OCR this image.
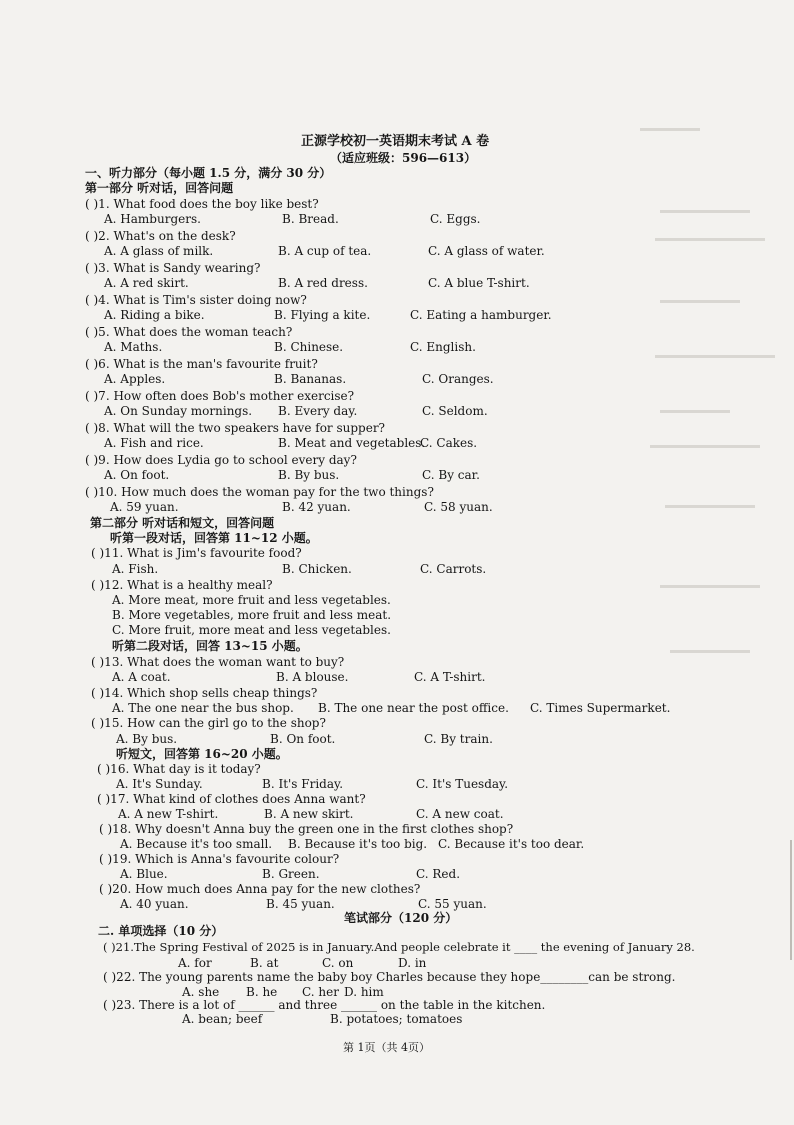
正源学校初一英语期末考试 A 卷
（适应班级：596—613）
一、听力部分（每小题 1.5 分，满分 30 分）
第一部分 听对话，回答问题
( )1. What food does the boy like best?
A. Hamburgers.	B. Bread.	C. Eggs.
( )2. What's on the desk?
A. A glass of milk.	B. A cup of tea.	C. A glass of water.
( )3. What is Sandy wearing?
A. A red skirt.	B. A red dress.	C. A blue T-shirt.
( )4. What is Tim's sister doing now?
A. Riding a bike.	B. Flying a kite.	C. Eating a hamburger.
( )5. What does the woman teach?
A. Maths.	B. Chinese.	C. English.
( )6. What is the man's favourite fruit?
A. Apples.	B. Bananas.	C. Oranges.
( )7. How often does Bob's mother exercise?
A. On Sunday mornings. B. Every day.	C. Seldom.
( )8. What will the two speakers have for supper?
A. Fish and rice.	B. Meat and vegetables.
C. Cakes.
( )9. How does Lydia go to school every day?
A. On foot.	B. By bus.	C. By car.
( )10. How much does the woman pay for the two things?
A. 59 yuan.	B. 42 yuan.	C. 58 yuan.
第二部分 听对话和短文，回答问题
听第一段对话，回答第 11~12 小题。
( )11. What is Jim's favourite food?
A. Fish.	B. Chicken.	C. Carrots.
( )12. What is a healthy meal?
A. More meat, more fruit and less vegetables.
B. More vegetables, more fruit and less meat.
C. More fruit, more meat and less vegetables.
听第二段对话，回答 13~15 小题。
( )13. What does the woman want to buy?
A. A coat.	B. A blouse.	C. A T-shirt.
( )14. Which shop sells cheap things?
A. The one near the bus shop. B. The one near the post office. C. Times Supermarket.
( )15. How can the girl go to the shop?
A. By bus.	B. On foot.	C. By train.
听短文，回答第 16~20 小题。
( )16. What day is it today?
A. It's Sunday.	B. It's Friday.	C. It's Tuesday.
( )17. What kind of clothes does Anna want?
A. A new T-shirt.	B. A new skirt.	C. A new coat.
( )18. Why doesn't Anna buy the green one in the first clothes shop?
A. Because it's too small. B. Because it's too big. C. Because it's too dear.
( )19. Which is Anna's favourite colour?
A. Blue.	B. Green.	C. Red.
( )20. How much does Anna pay for the new clothes?
A. 40 yuan.	B. 45 yuan.	C. 55 yuan.
笔试部分（120 分）
二. 单项选择（10 分）
( )21.The Spring Festival of 2025 is in January.And people celebrate it ____ the evening of January 28.
A. for	B. at	C. on	D. in
( )22. The young parents name the baby boy Charles because they hope________can be strong.
A. she B. he C. her D. him
( )23. There is a lot of ______ and three ______ on the table in the kitchen.
A. bean; beef	B. potatoes; tomatoes
第 1页（共 4页）
